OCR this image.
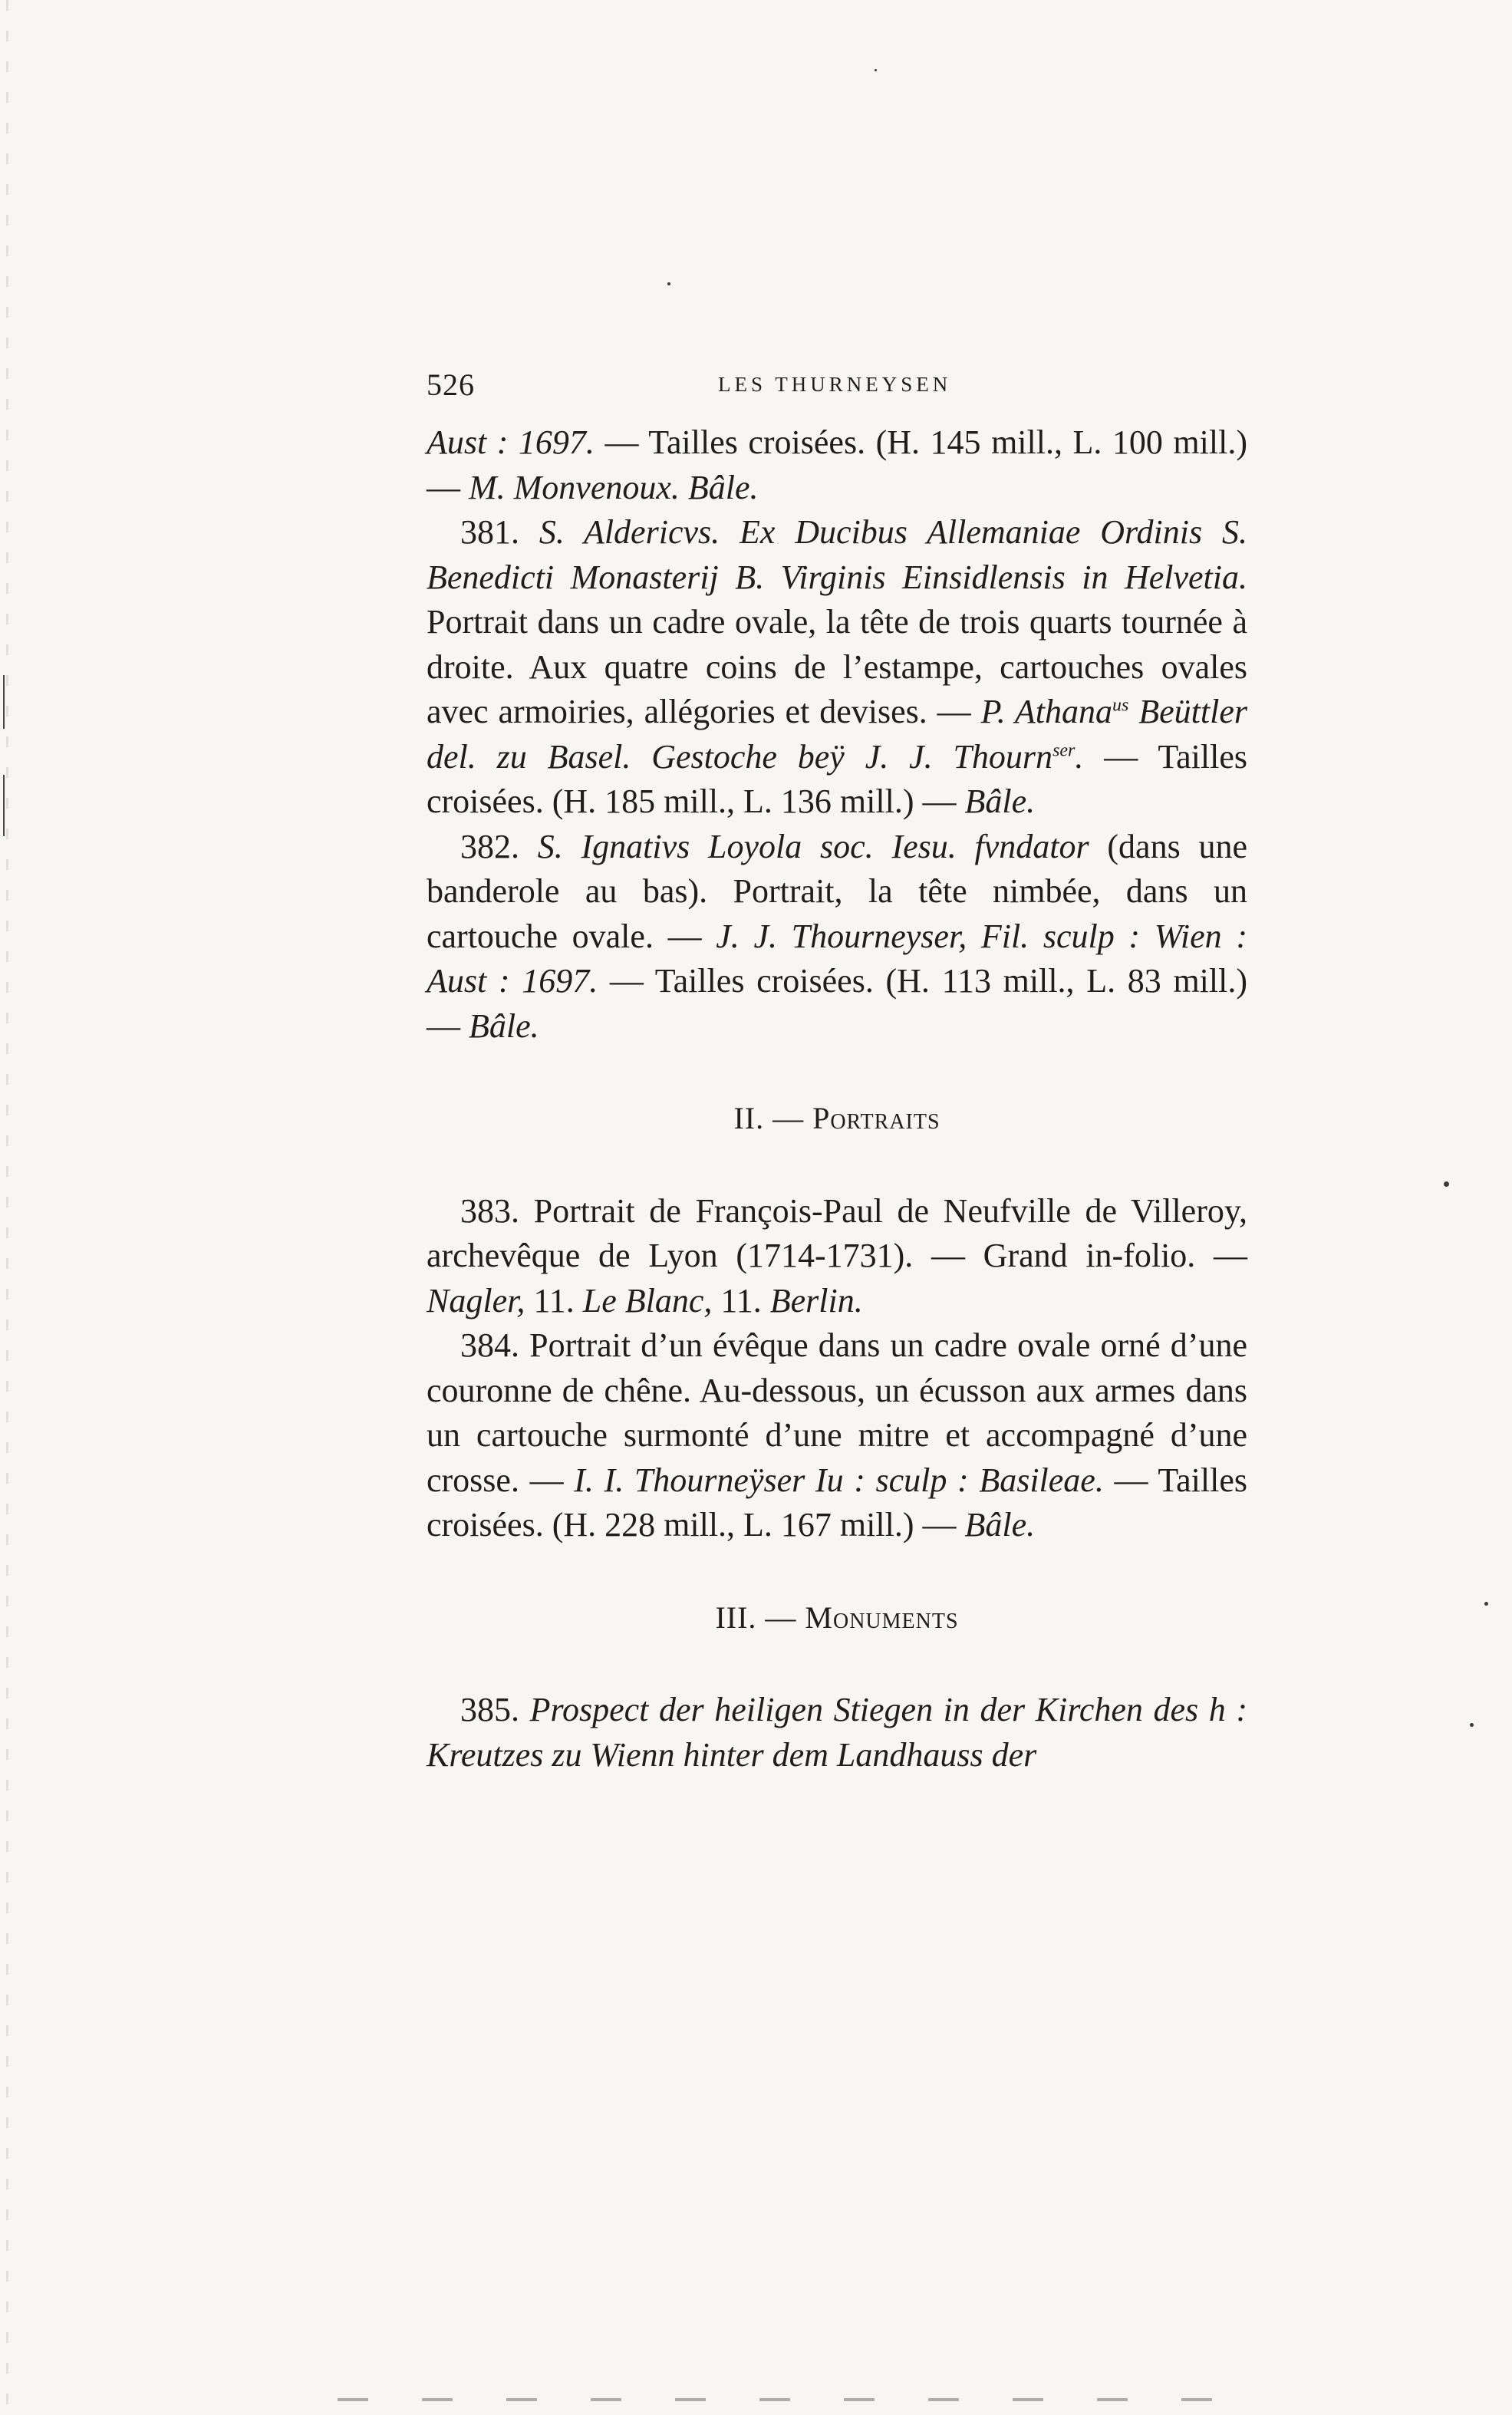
526	LES THURNEYSEN

Aust : 1697. — Tailles croisées. (H. 145 mill., L. 100 mill.) — M. Monvenoux. Bâle.

381. S. Aldericvs. Ex Ducibus Allemaniae Ordinis S. Benedicti Monasterij B. Virginis Einsidlensis in Helvetia. Portrait dans un cadre ovale, la tête de trois quarts tournée à droite. Aux quatre coins de l’estampe, cartouches ovales avec armoiries, allégories et devises. — P. Athana$^{us}$ Beüttler del. zu Basel. Gestoche beÿ J. J. Thourn$^{ser}$. — Tailles croisées. (H. 185 mill., L. 136 mill.) — Bâle.

382. S. Ignativs Loyola soc. Iesu. fvndator (dans une banderole au bas). Portrait, la tête nimbée, dans un cartouche ovale. — J. J. Thourneyser, Fil. sculp : Wien : Aust : 1697. — Tailles croisées. (H. 113 mill., L. 83 mill.) — Bâle.

II. — Portraits

383. Portrait de François-Paul de Neufville de Villeroy, archevêque de Lyon (1714-1731). — Grand in-folio. — Nagler, 11. Le Blanc, 11. Berlin.

384. Portrait d’un évêque dans un cadre ovale orné d’une couronne de chêne. Au-dessous, un écusson aux armes dans un cartouche surmonté d’une mitre et accompagné d’une crosse. — I. I. Thourneÿser Iu : sculp : Basileae. — Tailles croisées. (H. 228 mill., L. 167 mill.) — Bâle.

III. — Monuments

385. Prospect der heiligen Stiegen in der Kirchen des h : Kreutzes zu Wienn hinter dem Landhauss der
